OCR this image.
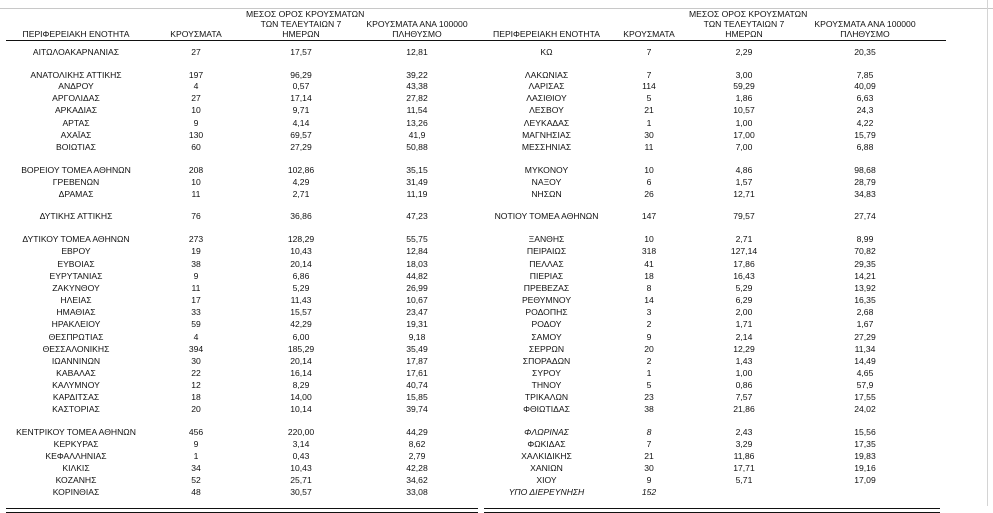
ΠΕΡΙΦΕΡΕΙΑΚΗ ΕΝΟΤΗΤΑ	ΚΡΟΥΣΜΑΤΑ
ΜΕΣΟΣ ΟΡΟΣ ΚΡΟΥΣΜΑΤΩΝ
ΤΩΝ ΤΕΛΕΥΤΑΙΩΝ 7
ΗΜΕΡΩΝ
ΚΡΟΥΣΜΑΤΑ ΑΝΑ 100000
ΠΛΗΘΥΣΜΟ
ΑΙΤΩΛΟΑΚΑΡΝΑΝΙΑΣ	27	17,57	12,81
ΑΝΑΤΟΛΙΚΗΣ ΑΤΤΙΚΗΣ	197	96,29	39,22
ΑΝΔΡΟΥ	4	0,57	43,38
ΑΡΓΟΛΙΔΑΣ	27	17,14	27,82
ΑΡΚΑΔΙΑΣ	10	9,71	11,54
ΑΡΤΑΣ	9	4,14	13,26
ΑΧΑΪΑΣ	130	69,57	41,9
ΒΟΙΩΤΙΑΣ	60	27,29	50,88
ΒΟΡΕΙΟΥ ΤΟΜΕΑ ΑΘΗΝΩΝ	208	102,86	35,15
ΓΡΕΒΕΝΩΝ	10	4,29	31,49
ΔΡΑΜΑΣ	11	2,71	11,19
ΔΥΤΙΚΗΣ ΑΤΤΙΚΗΣ	76	36,86	47,23
ΔΥΤΙΚΟΥ ΤΟΜΕΑ ΑΘΗΝΩΝ	273	128,29	55,75
ΕΒΡΟΥ	19	10,43	12,84
ΕΥΒΟΙΑΣ	38	20,14	18,03
ΕΥΡΥΤΑΝΙΑΣ	9	6,86	44,82
ΖΑΚΥΝΘΟΥ	11	5,29	26,99
ΗΛΕΙΑΣ	17	11,43	10,67
ΗΜΑΘΙΑΣ	33	15,57	23,47
ΗΡΑΚΛΕΙΟΥ	59	42,29	19,31
ΘΕΣΠΡΩΤΙΑΣ	4	6,00	9,18
ΘΕΣΣΑΛΟΝΙΚΗΣ	394	185,29	35,49
ΙΩΑΝΝΙΝΩΝ	30	20,14	17,87
ΚΑΒΑΛΑΣ	22	16,14	17,61
ΚΑΛΥΜΝΟΥ	12	8,29	40,74
ΚΑΡΔΙΤΣΑΣ	18	14,00	15,85
ΚΑΣΤΟΡΙΑΣ	20	10,14	39,74
ΚΕΝΤΡΙΚΟΥ ΤΟΜΕΑ ΑΘΗΝΩΝ	456	220,00	44,29
ΚΕΡΚΥΡΑΣ	9	3,14	8,62
ΚΕΦΑΛΛΗΝΙΑΣ	1	0,43	2,79
ΚΙΛΚΙΣ	34	10,43	42,28
ΚΟΖΑΝΗΣ	52	25,71	34,62
ΚΟΡΙΝΘΙΑΣ	48	30,57	33,08
ΠΕΡΙΦΕΡΕΙΑΚΗ ΕΝΟΤΗΤΑ	ΚΡΟΥΣΜΑΤΑ
ΜΕΣΟΣ ΟΡΟΣ ΚΡΟΥΣΜΑΤΩΝ
ΤΩΝ ΤΕΛΕΥΤΑΙΩΝ 7
ΗΜΕΡΩΝ
ΚΡΟΥΣΜΑΤΑ ΑΝΑ 100000
ΠΛΗΘΥΣΜΟ
ΚΩ	7	2,29	20,35
ΛΑΚΩΝΙΑΣ	7	3,00	7,85
ΛΑΡΙΣΑΣ	114	59,29	40,09
ΛΑΣΙΘΙΟΥ	5	1,86	6,63
ΛΕΣΒΟΥ	21	10,57	24,3
ΛΕΥΚΑΔΑΣ	1	1,00	4,22
ΜΑΓΝΗΣΙΑΣ	30	17,00	15,79
ΜΕΣΣΗΝΙΑΣ	11	7,00	6,88
ΜΥΚΟΝΟΥ	10	4,86	98,68
ΝΑΞΟΥ	6	1,57	28,79
ΝΗΣΩΝ	26	12,71	34,83
ΝΟΤΙΟΥ ΤΟΜΕΑ ΑΘΗΝΩΝ	147	79,57	27,74
ΞΑΝΘΗΣ	10	2,71	8,99
ΠΕΙΡΑΙΩΣ	318	127,14	70,82
ΠΕΛΛΑΣ	41	17,86	29,35
ΠΙΕΡΙΑΣ	18	16,43	14,21
ΠΡΕΒΕΖΑΣ	8	5,29	13,92
ΡΕΘΥΜΝΟΥ	14	6,29	16,35
ΡΟΔΟΠΗΣ	3	2,00	2,68
ΡΟΔΟΥ	2	1,71	1,67
ΣΑΜΟΥ	9	2,14	27,29
ΣΕΡΡΩΝ	20	12,29	11,34
ΣΠΟΡΑΔΩΝ	2	1,43	14,49
ΣΥΡΟΥ	1	1,00	4,65
ΤΗΝΟΥ	5	0,86	57,9
ΤΡΙΚΑΛΩΝ	23	7,57	17,55
ΦΘΙΩΤΙΔΑΣ	38	21,86	24,02
ΦΛΩΡΙΝΑΣ	8	2,43	15,56
ΦΩΚΙΔΑΣ	7	3,29	17,35
ΧΑΛΚΙΔΙΚΗΣ	21	11,86	19,83
ΧΑΝΙΩΝ	30	17,71	19,16
ΧΙΟΥ	9	5,71	17,09
ΥΠΟ ΔΙΕΡΕΥΝΗΣΗ	152
